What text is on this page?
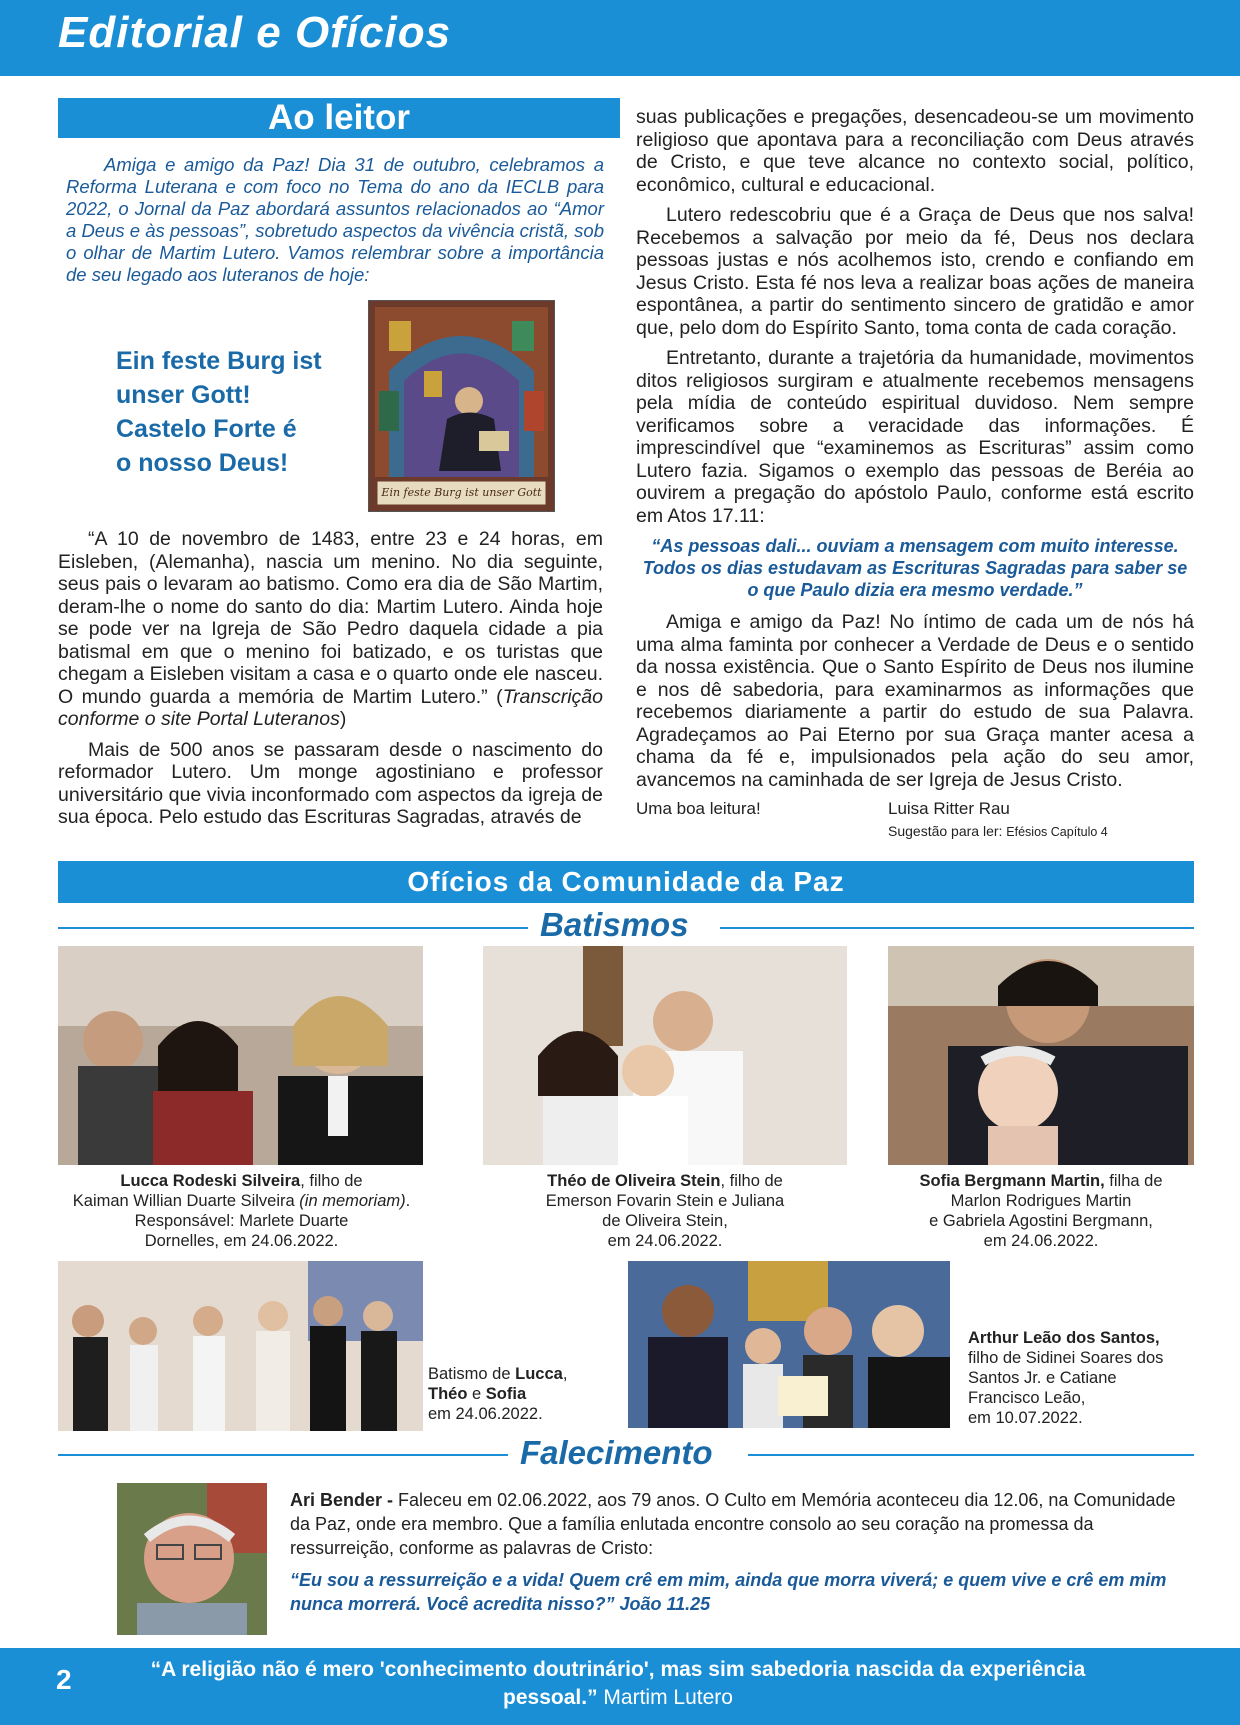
Editorial e Ofícios
Ao leitor

Amiga e amigo da Paz! Dia 31 de outubro, celebramos a Reforma Luterana e com foco no Tema do ano da IECLB para 2022, o Jornal da Paz abordará assuntos relacionados ao “Amor a Deus e às pessoas”, sobretudo aspectos da vivência cristã, sob o olhar de Martim Lutero. Vamos relembrar sobre a importância de seu legado aos luteranos de hoje:

Ein feste Burg ist
unser Gott!
Castelo Forte é
o nosso Deus!
Ein feste Burg ist unser Gott

“A 10 de novembro de 1483, entre 23 e 24 horas, em Eisleben, (Alemanha), nascia um menino. No dia seguinte, seus pais o levaram ao batismo. Como era dia de São Martim, deram-lhe o nome do santo do dia: Martim Lutero. Ainda hoje se pode ver na Igreja de São Pedro daquela cidade a pia batismal em que o menino foi batizado, e os turistas que chegam a Eisleben visitam a casa e o quarto onde ele nasceu. O mundo guarda a memória de Martim Lutero.” (Transcrição conforme o site Portal Luteranos)

Mais de 500 anos se passaram desde o nascimento do reformador Lutero. Um monge agostiniano e professor universitário que vivia inconformado com aspectos da igreja de sua época. Pelo estudo das Escrituras Sagradas, através de

suas publicações e pregações, desencadeou-se um movimento religioso que apontava para a reconciliação com Deus através de Cristo, e que teve alcance no contexto social, político, econômico, cultural e educacional.

Lutero redescobriu que é a Graça de Deus que nos salva! Recebemos a salvação por meio da fé, Deus nos declara pessoas justas e nós acolhemos isto, crendo e confiando em Jesus Cristo. Esta fé nos leva a realizar boas ações de maneira espontânea, a partir do sentimento sincero de gratidão e amor que, pelo dom do Espírito Santo, toma conta de cada coração.

Entretanto, durante a trajetória da humanidade, movimentos ditos religiosos surgiram e atualmente recebemos mensagens pela mídia de conteúdo espiritual duvidoso. Nem sempre verificamos sobre a veracidade das informações. É imprescindível que “examinemos as Escrituras” assim como Lutero fazia. Sigamos o exemplo das pessoas de Beréia ao ouvirem a pregação do apóstolo Paulo, conforme está escrito em Atos 17.11:

“As pessoas dali... ouviam a mensagem com muito interesse. Todos os dias estudavam as Escrituras Sagradas para saber se o que Paulo dizia era mesmo verdade.”

Amiga e amigo da Paz! No íntimo de cada um de nós há uma alma faminta por conhecer a Verdade de Deus e o sentido da nossa existência. Que o Santo Espírito de Deus nos ilumine e nos dê sabedoria, para examinarmos as informações que recebemos diariamente a partir do estudo de sua Palavra. Agradeçamos ao Pai Eterno por sua Graça manter acesa a chama da fé e, impulsionados pela ação do seu amor, avancemos na caminhada de ser Igreja de Jesus Cristo.

Uma boa leitura!	Luisa Ritter Rau
Sugestão para ler: Efésios Capítulo 4
Ofícios da Comunidade da Paz
Batismos
Lucca Rodeski Silveira, filho de
Kaiman Willian Duarte Silveira (in memoriam).
Responsável: Marlete Duarte
Dornelles, em 24.06.2022.
Théo de Oliveira Stein, filho de
Emerson Fovarin Stein e Juliana
de Oliveira Stein,
em 24.06.2022.
Sofia Bergmann Martin, filha de
Marlon Rodrigues Martin
e Gabriela Agostini Bergmann,
em 24.06.2022.
Batismo de Lucca,
Théo e Sofia
em 24.06.2022.
Arthur Leão dos Santos,
filho de Sidinei Soares dos
Santos Jr. e Catiane
Francisco Leão,
em 10.07.2022.
Falecimento

Ari Bender - Faleceu em 02.06.2022, aos 79 anos. O Culto em Memória aconteceu dia 12.06, na Comunidade da Paz, onde era membro. Que a família enlutada encontre consolo ao seu coração na promessa da ressurreição, conforme as palavras de Cristo:

“Eu sou a ressurreição e a vida! Quem crê em mim, ainda que morra viverá; e quem vive e crê em mim nunca morrerá. Você acredita nisso?” João 11.25

2	“A religião não é mero 'conhecimento doutrinário', mas sim sabedoria nascida da experiência pessoal.” Martim Lutero
